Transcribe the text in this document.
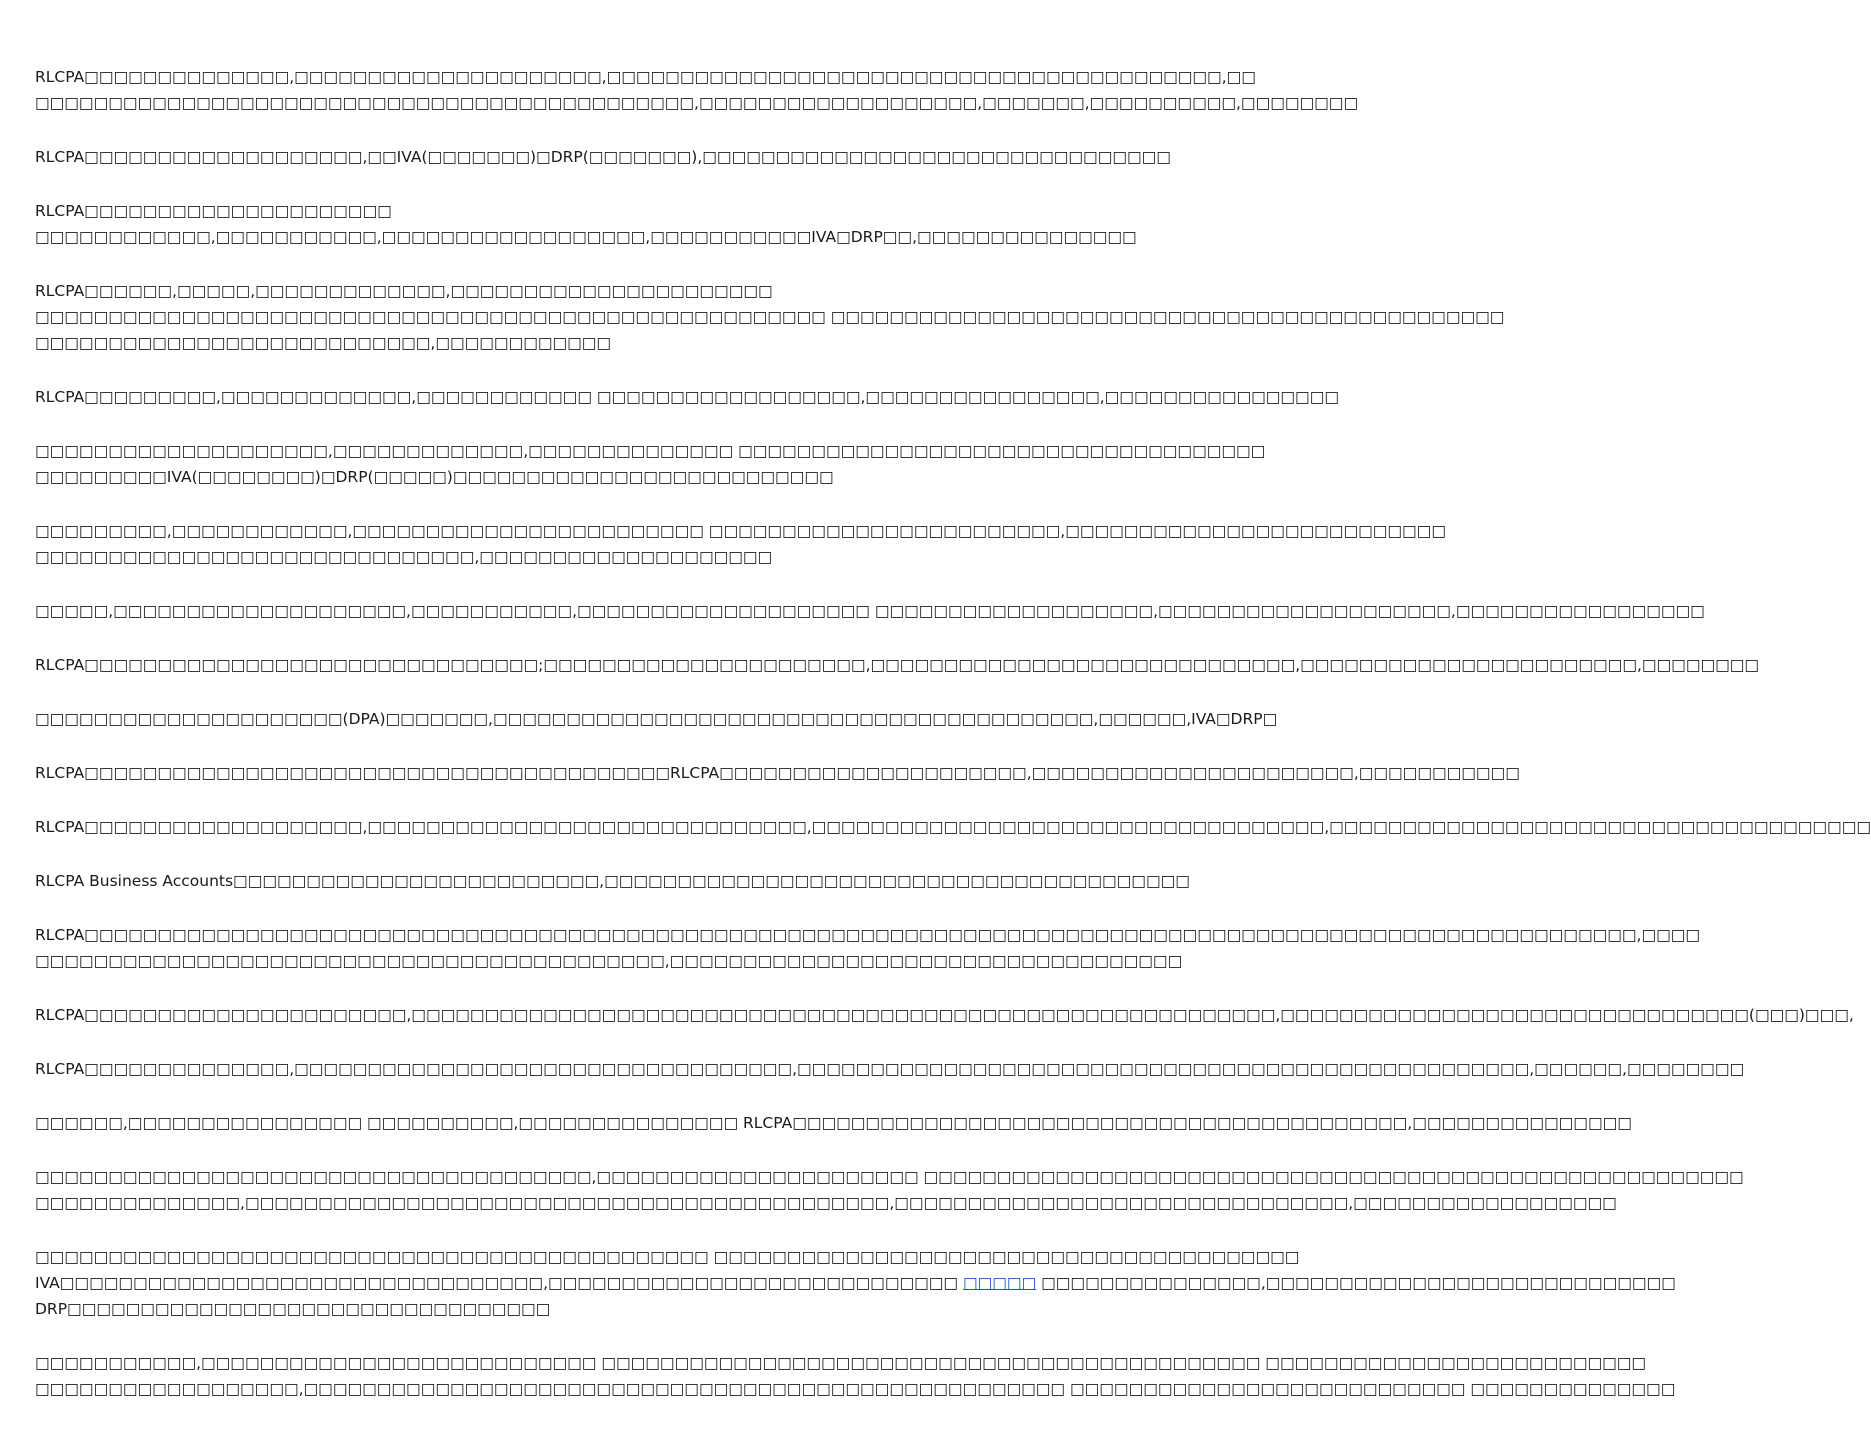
RLCPA□□□□□□□□□□□□□□,□□□□□□□□□□□□□□□□□□□□□,□□□□□□□□□□□□□□□□□□□□□□□□□□□□□□□□□□□□□□□□□□,□□
□□□□□□□□□□□□□□□□□□□□□□□□□□□□□□□□□□□□□□□□□□□□□,□□□□□□□□□□□□□□□□□□□,□□□□□□□,□□□□□□□□□□,□□□□□□□□
RLCPA□□□□□□□□□□□□□□□□□□□,□□IVA(□□□□□□□)□DRP(□□□□□□□),□□□□□□□□□□□□□□□□□□□□□□□□□□□□□□□□
RLCPA□□□□□□□□□□□□□□□□□□□□□
□□□□□□□□□□□□,□□□□□□□□□□□,□□□□□□□□□□□□□□□□□□,□□□□□□□□□□□IVA□DRP□□,□□□□□□□□□□□□□□□
RLCPA□□□□□□,□□□□□,□□□□□□□□□□□□□,□□□□□□□□□□□□□□□□□□□□□□
□□□□□□□□□□□□□□□□□□□□□□□□□□□□□□□□□□□□□□□□□□□□□□□□□□□□□□ □□□□□□□□□□□□□□□□□□□□□□□□□□□□□□□□□□□□□□□□□□□□□□
□□□□□□□□□□□□□□□□□□□□□□□□□□□,□□□□□□□□□□□□
RLCPA□□□□□□□□□,□□□□□□□□□□□□□,□□□□□□□□□□□□ □□□□□□□□□□□□□□□□□□,□□□□□□□□□□□□□□□□,□□□□□□□□□□□□□□□□
□□□□□□□□□□□□□□□□□□□□,□□□□□□□□□□□□□,□□□□□□□□□□□□□□ □□□□□□□□□□□□□□□□□□□□□□□□□□□□□□□□□□□□
□□□□□□□□□IVA(□□□□□□□□)□DRP(□□□□□)□□□□□□□□□□□□□□□□□□□□□□□□□□
□□□□□□□□□,□□□□□□□□□□□□,□□□□□□□□□□□□□□□□□□□□□□□□ □□□□□□□□□□□□□□□□□□□□□□□□,□□□□□□□□□□□□□□□□□□□□□□□□□□
□□□□□□□□□□□□□□□□□□□□□□□□□□□□□□,□□□□□□□□□□□□□□□□□□□□
□□□□□,□□□□□□□□□□□□□□□□□□□□,□□□□□□□□□□□,□□□□□□□□□□□□□□□□□□□□ □□□□□□□□□□□□□□□□□□□,□□□□□□□□□□□□□□□□□□□□,□□□□□□□□□□□□□□□□□
RLCPA□□□□□□□□□□□□□□□□□□□□□□□□□□□□□□□;□□□□□□□□□□□□□□□□□□□□□□,□□□□□□□□□□□□□□□□□□□□□□□□□□□□□,□□□□□□□□□□□□□□□□□□□□□□□,□□□□□□□□
□□□□□□□□□□□□□□□□□□□□□(DPA)□□□□□□□,□□□□□□□□□□□□□□□□□□□□□□□□□□□□□□□□□□□□□□□□□,□□□□□□,IVA□DRP□
RLCPA□□□□□□□□□□□□□□□□□□□□□□□□□□□□□□□□□□□□□□□□RLCPA□□□□□□□□□□□□□□□□□□□□□,□□□□□□□□□□□□□□□□□□□□□□,□□□□□□□□□□□
RLCPA□□□□□□□□□□□□□□□□□□□,□□□□□□□□□□□□□□□□□□□□□□□□□□□□□□,□□□□□□□□□□□□□□□□□□□□□□□□□□□□□□□□□□□,□□□□□□□□□□□□□□□□□□□□□□□□□□□□□□□□□□□□□
RLCPA Business Accounts□□□□□□□□□□□□□□□□□□□□□□□□□,□□□□□□□□□□□□□□□□□□□□□□□□□□□□□□□□□□□□□□□□
RLCPA□□□□□□□□□□□□□□□□□□□□□□□□□□□□□□□□□□□□□□□□□□□□□□□□□□□□□□□□□□□□□□□□□□□□□□□□□□□□□□□□□□□□□□□□□□□□□□□□□□□□□□□□□□,□□□□
□□□□□□□□□□□□□□□□□□□□□□□□□□□□□□□□□□□□□□□□□□□,□□□□□□□□□□□□□□□□□□□□□□□□□□□□□□□□□□□
RLCPA□□□□□□□□□□□□□□□□□□□□□□,□□□□□□□□□□□□□□□□□□□□□□□□□□□□□□□□□□□□□□□□□□□□□□□□□□□□□□□□□□□,□□□□□□□□□□□□□□□□□□□□□□□□□□□□□□□□(□□□)□□□,
RLCPA□□□□□□□□□□□□□□,□□□□□□□□□□□□□□□□□□□□□□□□□□□□□□□□□□,□□□□□□□□□□□□□□□□□□□□□□□□□□□□□□□□□□□□□□□□□□□□□□□□□□,□□□□□□,□□□□□□□□
□□□□□□,□□□□□□□□□□□□□□□□ □□□□□□□□□□,□□□□□□□□□□□□□□□ RLCPA□□□□□□□□□□□□□□□□□□□□□□□□□□□□□□□□□□□□□□□□□□,□□□□□□□□□□□□□□□
□□□□□□□□□□□□□□□□□□□□□□□□□□□□□□□□□□□□□□,□□□□□□□□□□□□□□□□□□□□□□ □□□□□□□□□□□□□□□□□□□□□□□□□□□□□□□□□□□□□□□□□□□□□□□□□□□□□□□□
□□□□□□□□□□□□□□,□□□□□□□□□□□□□□□□□□□□□□□□□□□□□□□□□□□□□□□□□□□□,□□□□□□□□□□□□□□□□□□□□□□□□□□□□□□□,□□□□□□□□□□□□□□□□□□
□□□□□□□□□□□□□□□□□□□□□□□□□□□□□□□□□□□□□□□□□□□□□□ □□□□□□□□□□□□□□□□□□□□□□□□□□□□□□□□□□□□□□□□
IVA□□□□□□□□□□□□□□□□□□□□□□□□□□□□□□□□□,□□□□□□□□□□□□□□□□□□□□□□□□□□□□ □□□□□ □□□□□□□□□□□□□□□,□□□□□□□□□□□□□□□□□□□□□□□□□□□□
DRP□□□□□□□□□□□□□□□□□□□□□□□□□□□□□□□□□
□□□□□□□□□□□,□□□□□□□□□□□□□□□□□□□□□□□□□□□ □□□□□□□□□□□□□□□□□□□□□□□□□□□□□□□□□□□□□□□□□□□□□ □□□□□□□□□□□□□□□□□□□□□□□□□□
□□□□□□□□□□□□□□□□□□,□□□□□□□□□□□□□□□□□□□□□□□□□□□□□□□□□□□□□□□□□□□□□□□□□□□□ □□□□□□□□□□□□□□□□□□□□□□□□□□□ □□□□□□□□□□□□□□
